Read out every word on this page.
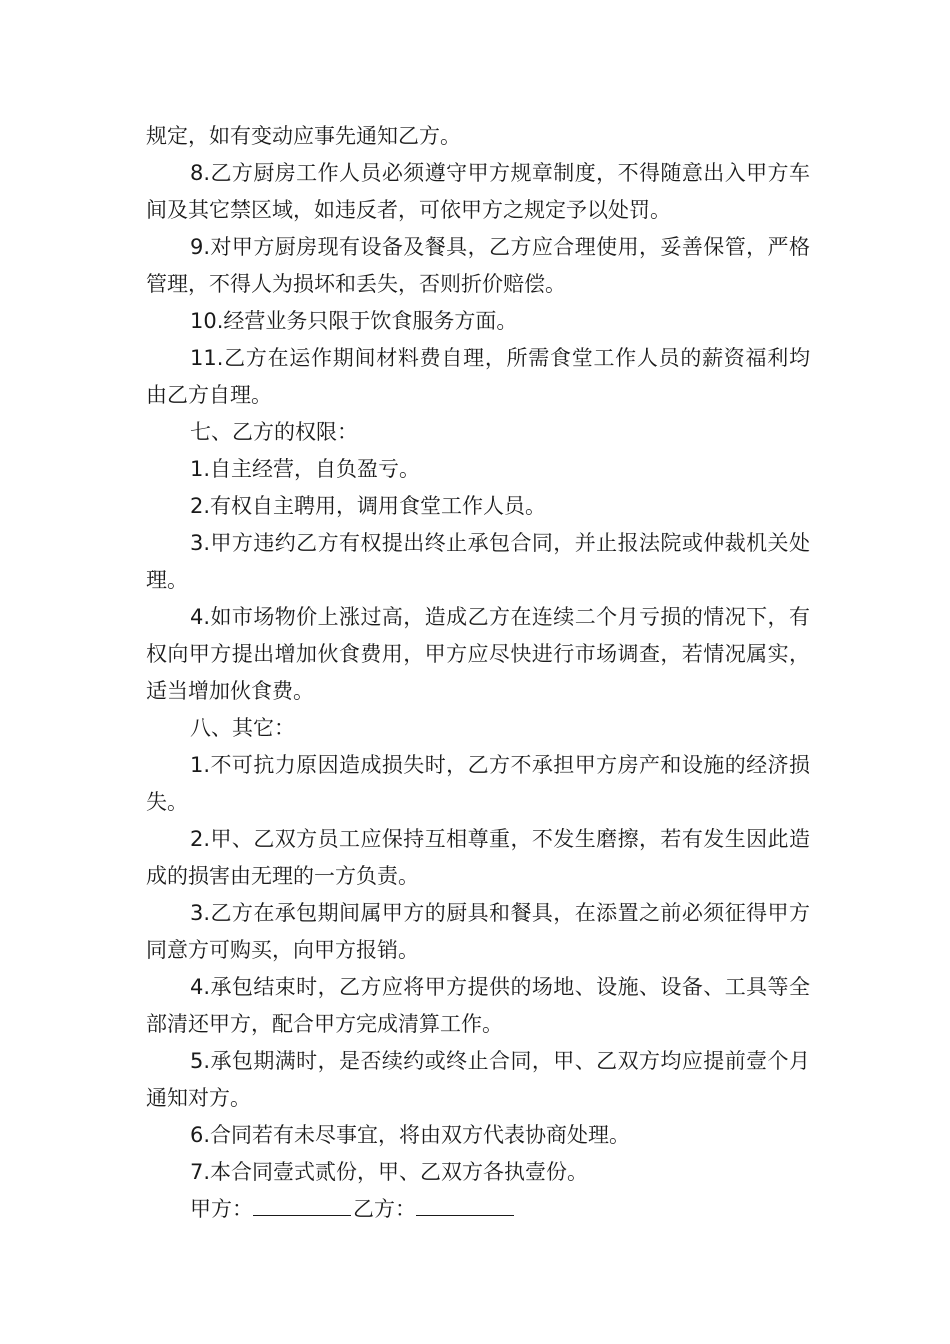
规定，如有变动应事先通知乙方。

8.乙方厨房工作人员必须遵守甲方规章制度，不得随意出入甲方车间及其它禁区域，如违反者，可依甲方之规定予以处罚。

9.对甲方厨房现有设备及餐具，乙方应合理使用，妥善保管，严格管理，不得人为损坏和丢失，否则折价赔偿。

10.经营业务只限于饮食服务方面。

11.乙方在运作期间材料费自理，所需食堂工作人员的薪资福利均由乙方自理。

七、乙方的权限：

1.自主经营，自负盈亏。

2.有权自主聘用，调用食堂工作人员。

3.甲方违约乙方有权提出终止承包合同，并止报法院或仲裁机关处理。

4.如市场物价上涨过高，造成乙方在连续二个月亏损的情况下，有权向甲方提出增加伙食费用，甲方应尽快进行市场调查，若情况属实，适当增加伙食费。

八、其它：

1.不可抗力原因造成损失时，乙方不承担甲方房产和设施的经济损失。

2.甲、乙双方员工应保持互相尊重，不发生磨擦，若有发生因此造成的损害由无理的一方负责。

3.乙方在承包期间属甲方的厨具和餐具，在添置之前必须征得甲方同意方可购买，向甲方报销。

4.承包结束时，乙方应将甲方提供的场地、设施、设备、工具等全部清还甲方，配合甲方完成清算工作。

5.承包期满时，是否续约或终止合同，甲、乙双方均应提前壹个月通知对方。

6.合同若有未尽事宜，将由双方代表协商处理。

7.本合同壹式贰份，甲、乙双方各执壹份。

甲方：	乙方：
